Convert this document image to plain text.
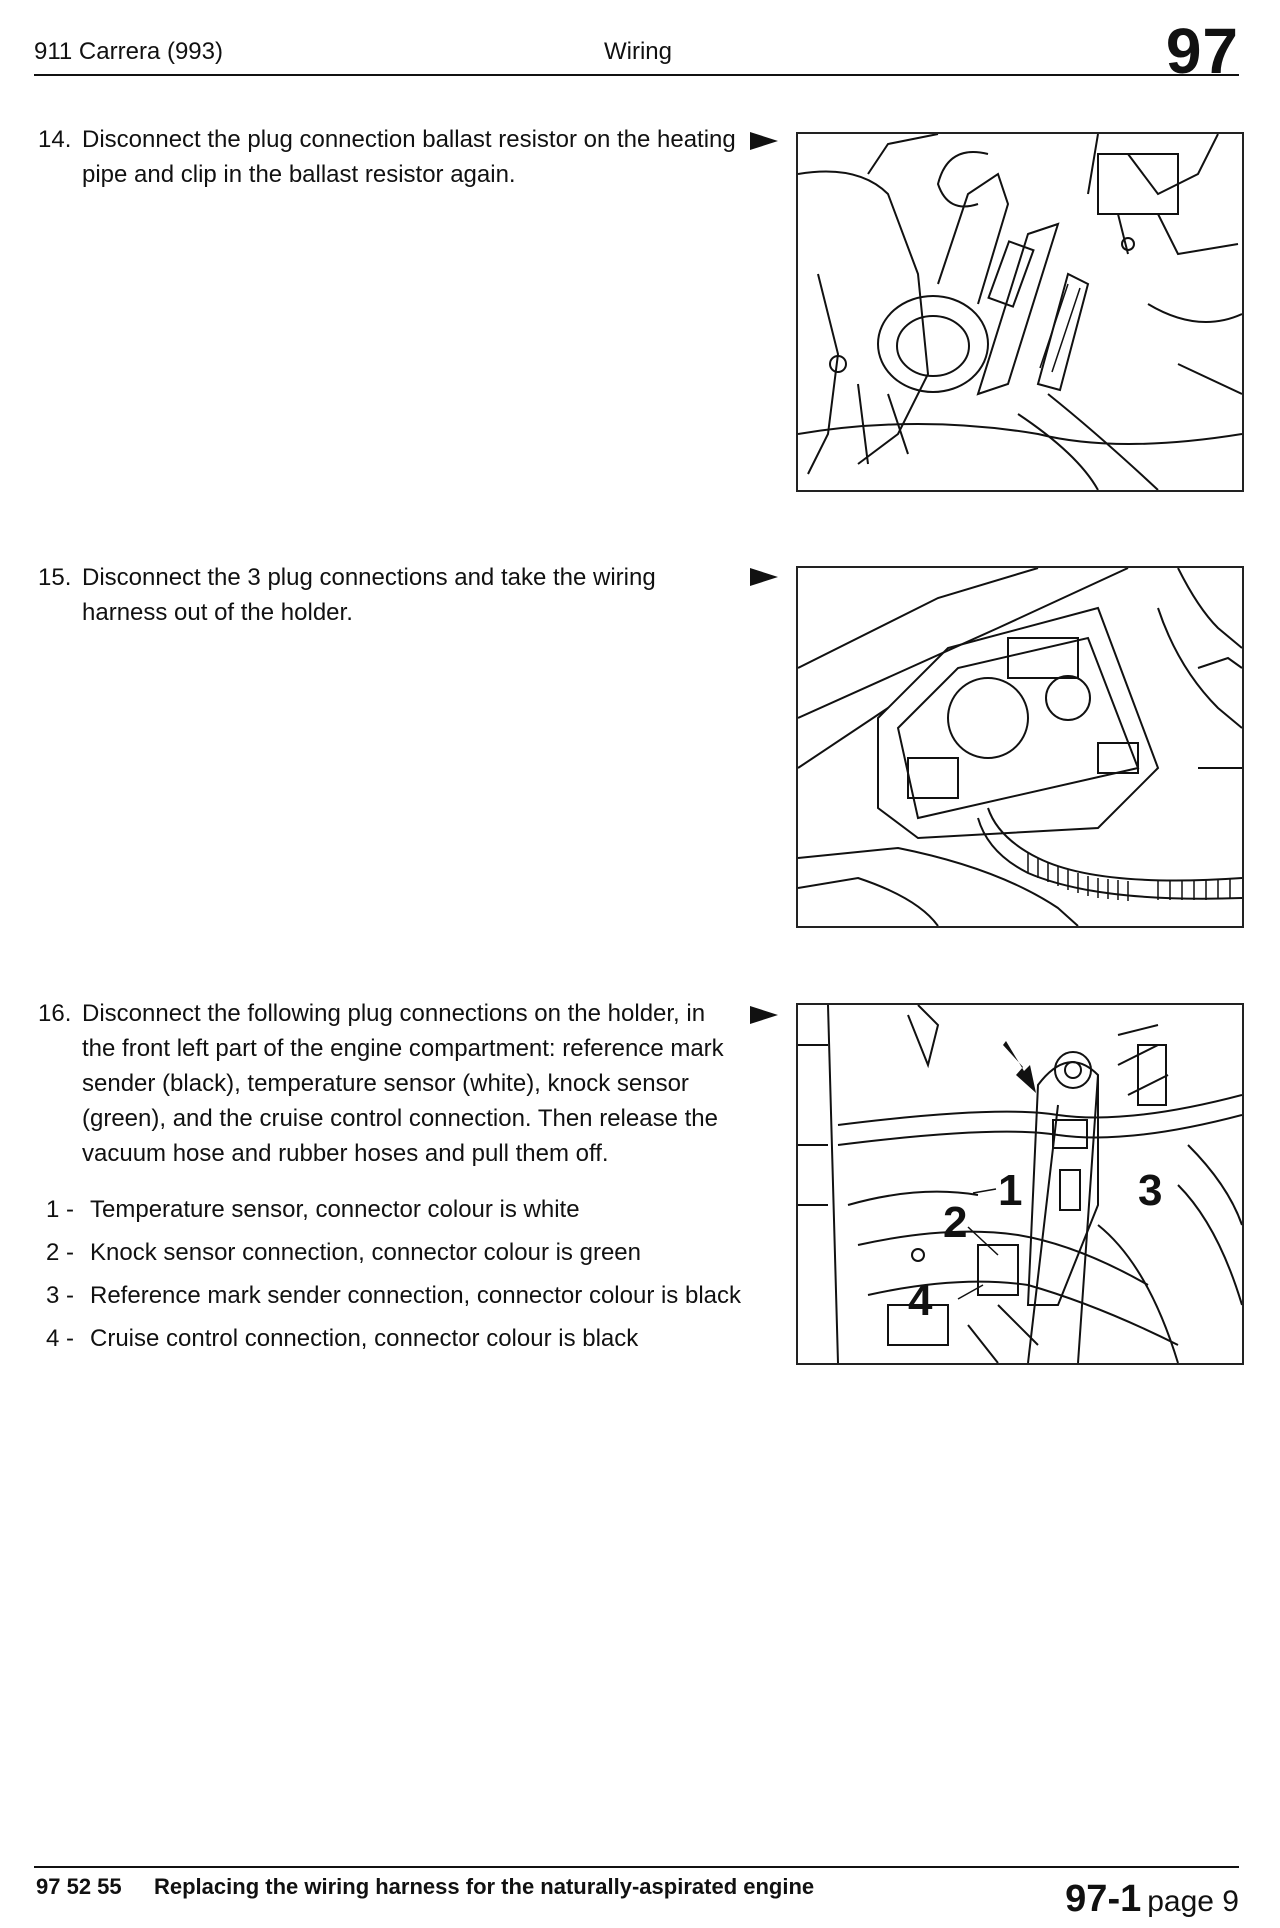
911 Carrera (993)	Wiring	97
14. Disconnect the plug connection ballast resistor on the heating pipe and clip in the ballast resistor again.
15. Disconnect the 3 plug connections and take the wiring harness out of the holder.
16. Disconnect the following plug connections on the holder, in the front left part of the engine compartment: reference mark sender (black), temperature sensor (white), knock sensor (green), and the cruise control connection. Then release the vacuum hose and rubber hoses and pull them off.
1
2
3
4
1 - Temperature sensor, connector colour is white
2 - Knock sensor connection, connector colour is green
3 - Reference mark sender connection, connector colour is black
4 - Cruise control connection, connector colour is black
97 52 55 Replacing the wiring harness for the naturally-aspirated engine	97-1 page 9
